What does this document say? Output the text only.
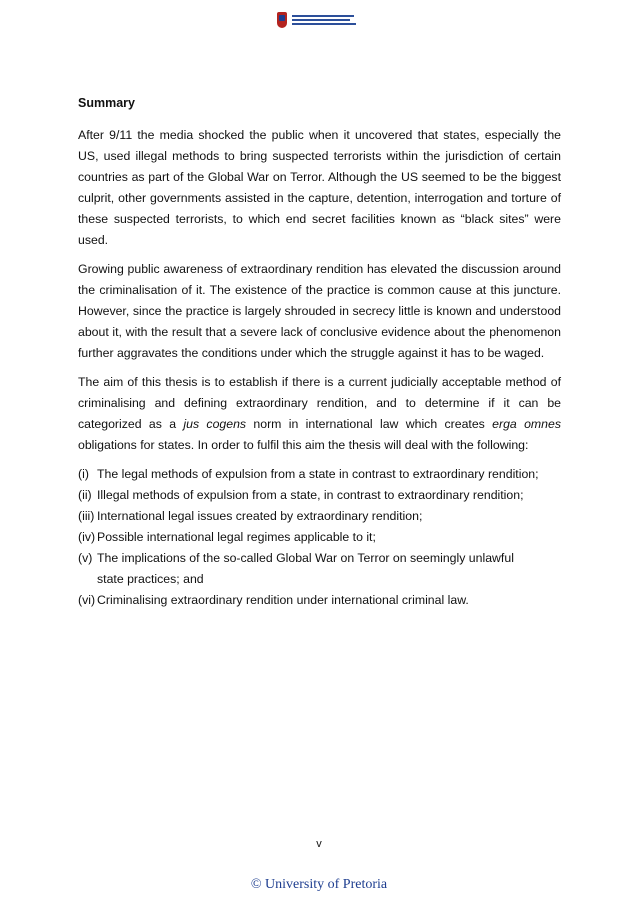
Summary

After 9/11 the media shocked the public when it uncovered that states, especially the US, used illegal methods to bring suspected terrorists within the jurisdiction of certain countries as part of the Global War on Terror. Although the US seemed to be the biggest culprit, other governments assisted in the capture, detention, interrogation and torture of these suspected terrorists, to which end secret facilities known as “black sites” were used.

Growing public awareness of extraordinary rendition has elevated the discussion around the criminalisation of it. The existence of the practice is common cause at this juncture. However, since the practice is largely shrouded in secrecy little is known and understood about it, with the result that a severe lack of conclusive evidence about the phenomenon further aggravates the conditions under which the struggle against it has to be waged.

The aim of this thesis is to establish if there is a current judicially acceptable method of criminalising and defining extraordinary rendition, and to determine if it can be categorized as a jus cogens norm in international law which creates erga omnes obligations for states. In order to fulfil this aim the thesis will deal with the following:

(i) The legal methods of expulsion from a state in contrast to extraordinary rendition;
(ii) Illegal methods of expulsion from a state, in contrast to extraordinary rendition;
(iii) International legal issues created by extraordinary rendition;
(iv) Possible international legal regimes applicable to it;
(v) The implications of the so-called Global War on Terror on seemingly unlawful
state practices; and
(vi) Criminalising extraordinary rendition under international criminal law.
v
© University of Pretoria
